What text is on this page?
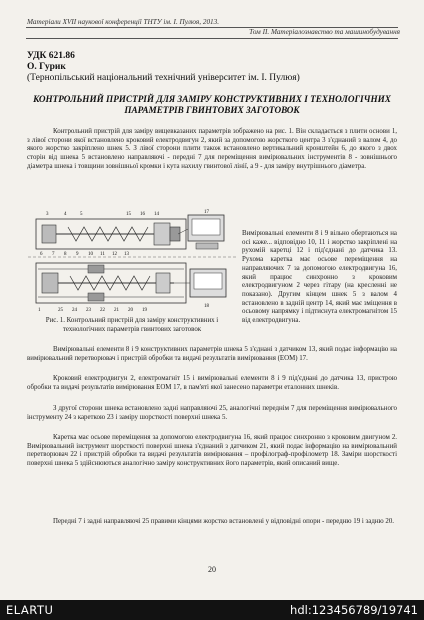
Матеріали XVII наукової конференції ТНТУ ім. І. Пулюя, 2013.
Том II. Матеріалознавство та машинобудування
УДК 621.86
О. Гурик
(Тернопільський національний технічний університет ім. І. Пулюя)
КОНТРОЛЬНИЙ ПРИСТРІЙ ДЛЯ ЗАМІРУ КОНСТРУКТИВНИХ І ТЕХНОЛОГІЧНИХ ПАРАМЕТРІВ ГВИНТОВИХ ЗАГОТОВОК
Контрольний пристрій для заміру вищевказаних параметрів зображено на рис. 1. Він складається з плити основи 1, з лівої сторони якої встановлено кроковий електродвигун 2, який за допомогою жорсткого центра 3 з'єднаний з валом 4, до якого жорстко закріплено шнек 5. З лівої сторони плити також встановлено вертикальний кронштейн 6, до якого з двох сторін від шнека 5 встановлено направляючі - передні 7 для переміщення вимірювальних інструментів 8 - зовнішнього діаметра шнека і товщини зовнішньої кромки і кута нахилу гвинтової лінії, а 9 - для заміру внутрішнього діаметра.
3	4	5	15 16 14	17
6 7 8 9 10 11 12 13
1	25 24 23 22 21 20 19
18
Рис. 1. Контрольний пристрій для заміру конструктивних і технологічних параметрів гвинтових заготовок
Вимірювальні елементи 8 і 9 вільно обертаються на осі каже... відповідно 10, 11 і жорстко закріплені на рухомій каретці 12 і під'єднані до датчика 13. Рухома каретка має осьове переміщення на направляючих 7 за допомогою електродвигуна 16, який працює синхронно з кроковим електродвигуном 2 через гітару (на кресленні не показано). Другим кінцем шнек 5 з валом 4 встановлено в задній центр 14, який має зміщення в осьовому напрямку і підтиснута електромагнітом 15 від електродвигуна.
Вимірювальні елементи 8 і 9 конструктивних параметрів шнека 5 з'єднані з датчиком 13, який подає інформацію на вимірювальний перетворювач і пристрій обробки та видачі результатів вимірювання (ЕОМ) 17.
Кроковий електродвигун 2, електромагніт 15 і вимірювальні елементи 8 і 9 під'єднані до датчика 13, пристрою обробки та видачі результатів вимірювання ЕОМ 17, в пам'яті якої занесено параметри еталонних шнеків.
З другої сторони шнека встановлено задні направляючі 25, аналогічні переднім 7 для переміщення вимірювального інструменту 24 з кареткою 23 і заміру шорсткості поверхні шнека 5.
Каретка має осьове переміщення за допомогою електродвигуна 16, який працює синхронно з кроковим двигуном 2. Вимірювальний інструмент шорсткості поверхні шнека з'єднаний з датчиком 21, який подає інформацію на вимірювальний перетворювач 22 і пристрій обробки та видачі результатів вимірювання – профілограф-профілометр 18. Заміри шорсткості поверхні шнека 5 здійснюються аналогічно заміру конструктивних його параметрів, який описаний вище.
Передні 7 і задні направляючі 25 правими кінцями жорстко встановлені у відповідні опори - передню 19 і задню 20.
20
ELARTU	hdl:123456789/19741
